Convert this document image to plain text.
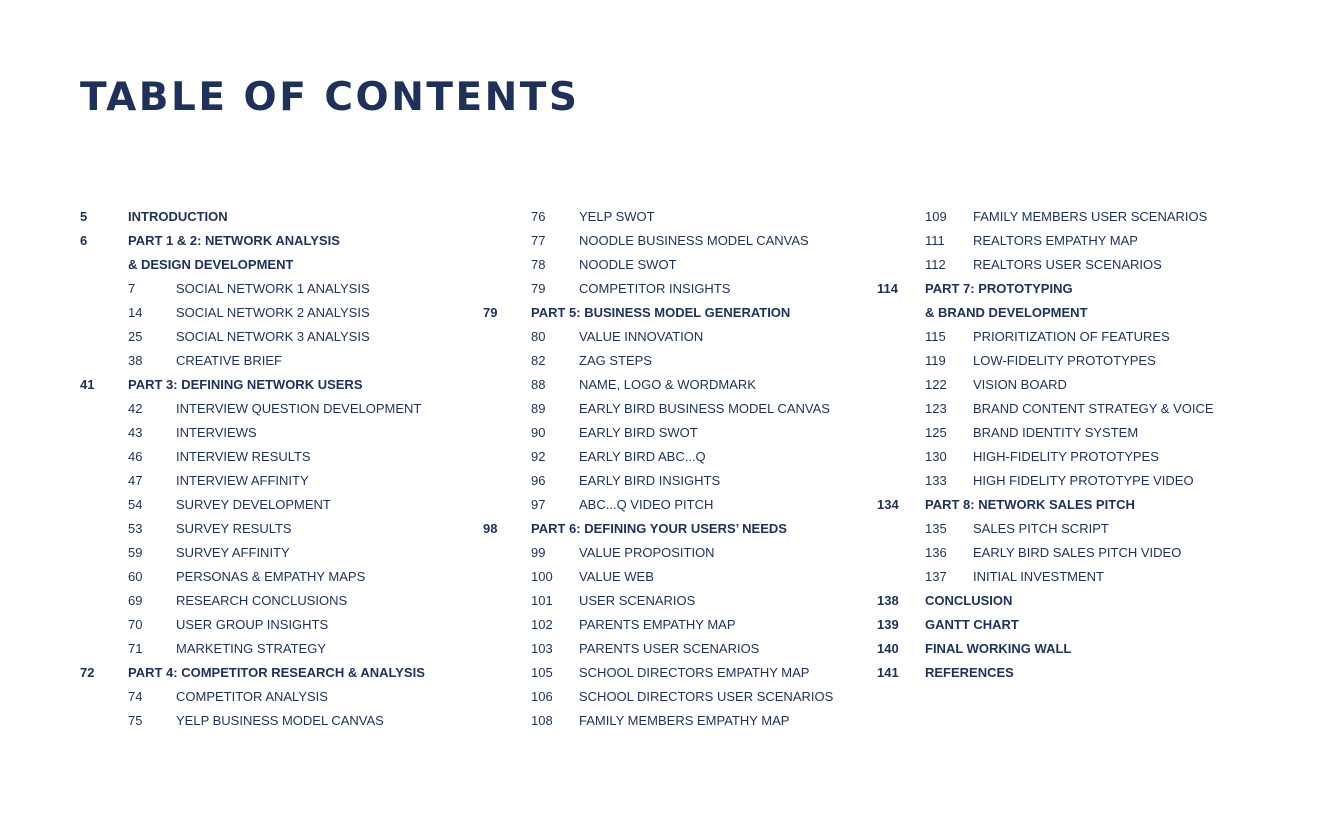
TABLE OF CONTENTS
5	INTRODUCTION
6	PART 1 & 2: NETWORK ANALYSIS
& DESIGN DEVELOPMENT
7	SOCIAL NETWORK 1 ANALYSIS
14	SOCIAL NETWORK 2 ANALYSIS
25	SOCIAL NETWORK 3 ANALYSIS
38	CREATIVE BRIEF
41	PART 3: DEFINING NETWORK USERS
42	INTERVIEW QUESTION DEVELOPMENT
43	INTERVIEWS
46	INTERVIEW RESULTS
47	INTERVIEW AFFINITY
54	SURVEY DEVELOPMENT
53	SURVEY RESULTS
59	SURVEY AFFINITY
60	PERSONAS & EMPATHY MAPS
69	RESEARCH CONCLUSIONS
70	USER GROUP INSIGHTS
71	MARKETING STRATEGY
72	PART 4: COMPETITOR RESEARCH & ANALYSIS
74	COMPETITOR ANALYSIS
75	YELP BUSINESS MODEL CANVAS
76	YELP SWOT
77	NOODLE BUSINESS MODEL CANVAS
78	NOODLE SWOT
79	COMPETITOR INSIGHTS
79	PART 5: BUSINESS MODEL GENERATION
80	VALUE INNOVATION
82	ZAG STEPS
88	NAME, LOGO & WORDMARK
89	EARLY BIRD BUSINESS MODEL CANVAS
90	EARLY BIRD SWOT
92	EARLY BIRD ABC...Q
96	EARLY BIRD INSIGHTS
97	ABC...Q VIDEO PITCH
98	PART 6: DEFINING YOUR USERS’ NEEDS
99	VALUE PROPOSITION
100 VALUE WEB
101 USER SCENARIOS
102 PARENTS EMPATHY MAP
103 PARENTS USER SCENARIOS
105 SCHOOL DIRECTORS EMPATHY MAP
106 SCHOOL DIRECTORS USER SCENARIOS
108 FAMILY MEMBERS EMPATHY MAP
109 FAMILY MEMBERS USER SCENARIOS
111 REALTORS EMPATHY MAP
112 REALTORS USER SCENARIOS
114 PART 7: PROTOTYPING
& BRAND DEVELOPMENT
115 PRIORITIZATION OF FEATURES
119 LOW-FIDELITY PROTOTYPES
122 VISION BOARD
123 BRAND CONTENT STRATEGY & VOICE
125 BRAND IDENTITY SYSTEM
130 HIGH-FIDELITY PROTOTYPES
133 HIGH FIDELITY PROTOTYPE VIDEO
134 PART 8: NETWORK SALES PITCH
135 SALES PITCH SCRIPT
136 EARLY BIRD SALES PITCH VIDEO
137 INITIAL INVESTMENT
138 CONCLUSION
139 GANTT CHART
140 FINAL WORKING WALL
141 REFERENCES
